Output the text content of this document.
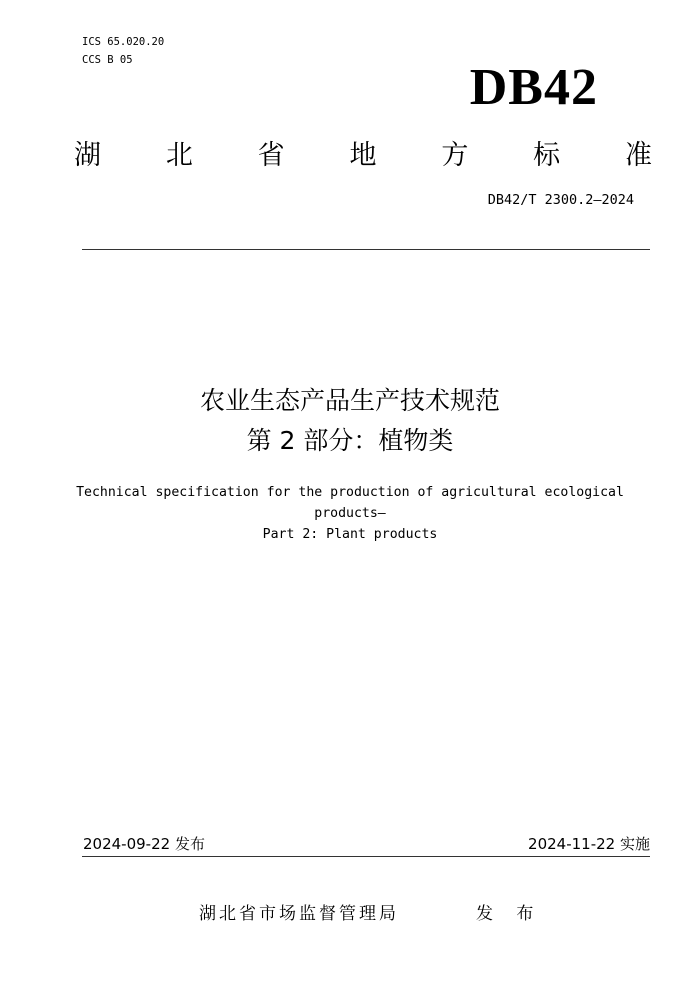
ICS 65.020.20
CCS B 05	DB42
湖 北 省 地 方 标 准
DB42/T 2300.2—2024
农业生态产品生产技术规范
第 2 部分：植物类
Technical specification for the production of agricultural ecological
products—
Part 2: Plant products
2024-09-22 发布	2024-11-22 实施
湖北省市场监督管理局	发 布
